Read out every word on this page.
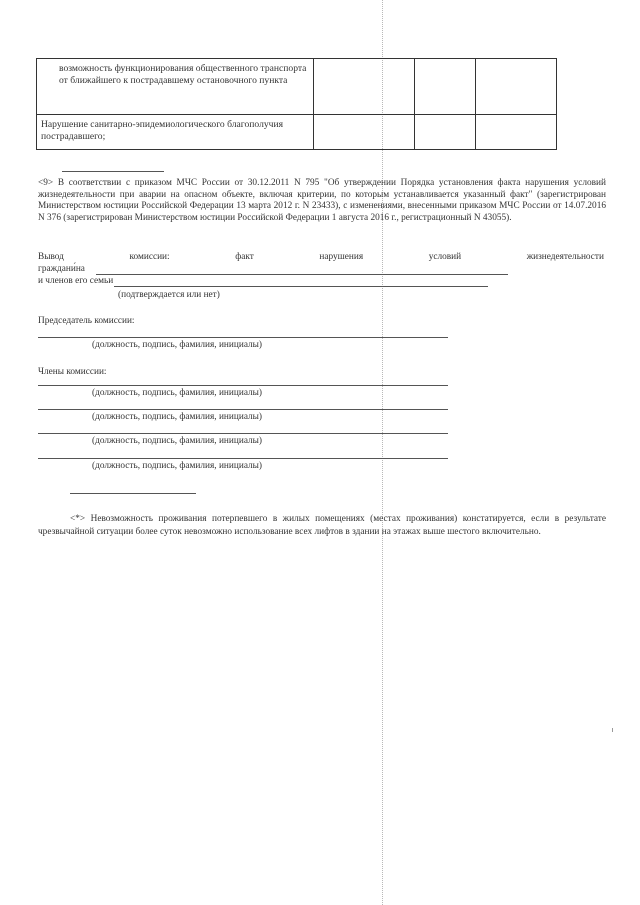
возможность функционирования общественного транспорта от ближайшего к пострадавшему остановочного пункта			

Нарушение санитарно-эпидемиологического благополучия пострадавшего;			

<9> В соответствии с приказом МЧС России от 30.12.2011 N 795 "Об утверждении Порядка установления факта нарушения условий жизнедеятельности при аварии на опасном объекте, включая критерии, по которым устанавливается указанный факт" (зарегистрирован Министерством юстиции Российской Федерации 13 марта 2012 г. N 23433), с изменениями, внесенными приказом МЧС России от 14.07.2016 N 376 (зарегистрирован Министерством юстиции Российской Федерации 1 августа 2016 г., регистрационный N 43055).
Вывод	комиссии:	факт	нарушения	условий	жизнедеятельности
граждани́на
и членов его семьи
(подтверждается или нет)
Председатель комиссии:
(должность, подпись, фамилия, инициалы)
Члены комиссии:
(должность, подпись, фамилия, инициалы)
(должность, подпись, фамилия, инициалы)
(должность, подпись, фамилия, инициалы)
(должность, подпись, фамилия, инициалы)
<*> Невозможность проживания потерпевшего в жилых помещениях (местах проживания) констатируется, если в результате чрезвычайной ситуации более суток невозможно использование всех лифтов в здании на этажах выше шестого включительно.
